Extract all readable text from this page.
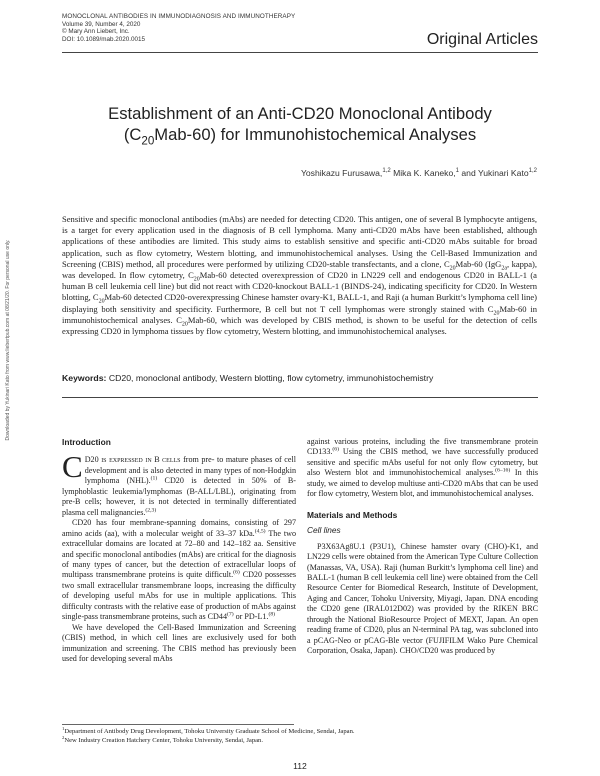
MONOCLONAL ANTIBODIES IN IMMUNODIAGNOSIS AND IMMUNOTHERAPY
Volume 39, Number 4, 2020
© Mary Ann Liebert, Inc.
DOI: 10.1089/mab.2020.0015	Original Articles
Downloaded by Yukinari Kato from www.liebertpub.com at 08/21/20. For personal use only.
Establishment of an Anti-CD20 Monoclonal Antibody
$(C_{20}Mab-60)$ for Immunohistochemical Analyses
Yoshikazu Furusawa,$^{1,2}$ Mika K. Kaneko,$^1$ and Yukinari Kato$^{1,2}$

Sensitive and specific monoclonal antibodies (mAbs) are needed for detecting CD20. This antigen, one of several B lymphocyte antigens, is a target for every application used in the diagnosis of B cell lymphoma. Many anti-CD20 mAbs have been established, although applications of these antibodies are limited. This study aims to establish sensitive and specific anti-CD20 mAbs suitable for broad application, such as flow cytometry, Western blotting, and immunohistochemical analyses. Using the Cell-Based Immunization and Screening (CBIS) method, all procedures were performed by utilizing CD20-stable transfectants, and a clone, $C_{20}Mab-60$ (IgG$_{2a}$, kappa), was developed. In flow cytometry, $C_{20}Mab-60$ detected overexpression of CD20 in LN229 cell and endogenous CD20 in BALL-1 (a human B cell leukemia cell line) but did not react with CD20-knockout BALL-1 (BINDS-24), indicating specificity for CD20. In Western blotting, $C_{20}Mab-60$ detected CD20-overexpressing Chinese hamster ovary-K1, BALL-1, and Raji (a human Burkitt’s lymphoma cell line) displaying both sensitivity and specificity. Furthermore, B cell but not T cell lymphomas were strongly stained with $C_{20}Mab-60$ in immunohistochemical analyses. $C_{20}Mab-60$, which was developed by CBIS method, is shown to be useful for the detection of cells expressing CD20 in lymphoma tissues by flow cytometry, Western blotting, and immunohistochemical analyses.

Keywords: CD20, monoclonal antibody, Western blotting, flow cytometry, immunohistochemistry
Introduction

C D20 is expressed in B cells from pre- to mature phases of cell development and is also detected in many types of non-Hodgkin lymphoma (NHL).$^{(1)}$ CD20 is detected in 50% of B-lymphoblastic leukemia/lymphomas (B-ALL/LBL), originating from pre-B cells; however, it is not detected in terminally differentiated plasma cell malignancies.$^{(2,3)}$

CD20 has four membrane-spanning domains, consisting of 297 amino acids (aa), with a molecular weight of 33–37 kDa.$^{(4,5)}$ The two extracellular domains are located at 72–80 and 142–182 aa. Sensitive and specific monoclonal antibodies (mAbs) are critical for the diagnosis of many types of cancer, but the detection of extracellular loops of multipass transmembrane proteins is quite difficult.$^{(6)}$ CD20 possesses two small extracellular transmembrane loops, increasing the difficulty of developing useful mAbs for use in multiple applications. This difficulty contrasts with the relative ease of production of mAbs against single-pass transmembrane proteins, such as CD44$^{(7)}$ or PD-L1.$^{(8)}$

We have developed the Cell-Based Immunization and Screening (CBIS) method, in which cell lines are exclusively used for both immunization and screening. The CBIS method has previously been used for developing several mAbs

against various proteins, including the five transmembrane protein CD133.$^{(6)}$ Using the CBIS method, we have successfully produced sensitive and specific mAbs useful for not only flow cytometry, but also Western blot and immunohistochemical analyses.$^{(6-16)}$ In this study, we aimed to develop multiuse anti-CD20 mAbs that can be used for flow cytometry, Western blot, and immunohistochemical analyses.

Materials and Methods
Cell lines

P3X63Ag8U.1 (P3U1), Chinese hamster ovary (CHO)-K1, and LN229 cells were obtained from the American Type Culture Collection (Manassas, VA, USA). Raji (human Burkitt’s lymphoma cell line) and BALL-1 (human B cell leukemia cell line) were obtained from the Cell Resource Center for Biomedical Research, Institute of Development, Aging and Cancer, Tohoku University, Miyagi, Japan. DNA encoding the CD20 gene (IRAL012D02) was provided by the RIKEN BRC through the National BioResource Project of MEXT, Japan. An open reading frame of CD20, plus an N-terminal PA tag, was subcloned into a pCAG-Neo or pCAG-Ble vector (FUJIFILM Wako Pure Chemical Corporation, Osaka, Japan). CHO/CD20 was produced by

$^1$Department of Antibody Drug Development, Tohoku University Graduate School of Medicine, Sendai, Japan.
$^2$New Industry Creation Hatchery Center, Tohoku University, Sendai, Japan.
112
